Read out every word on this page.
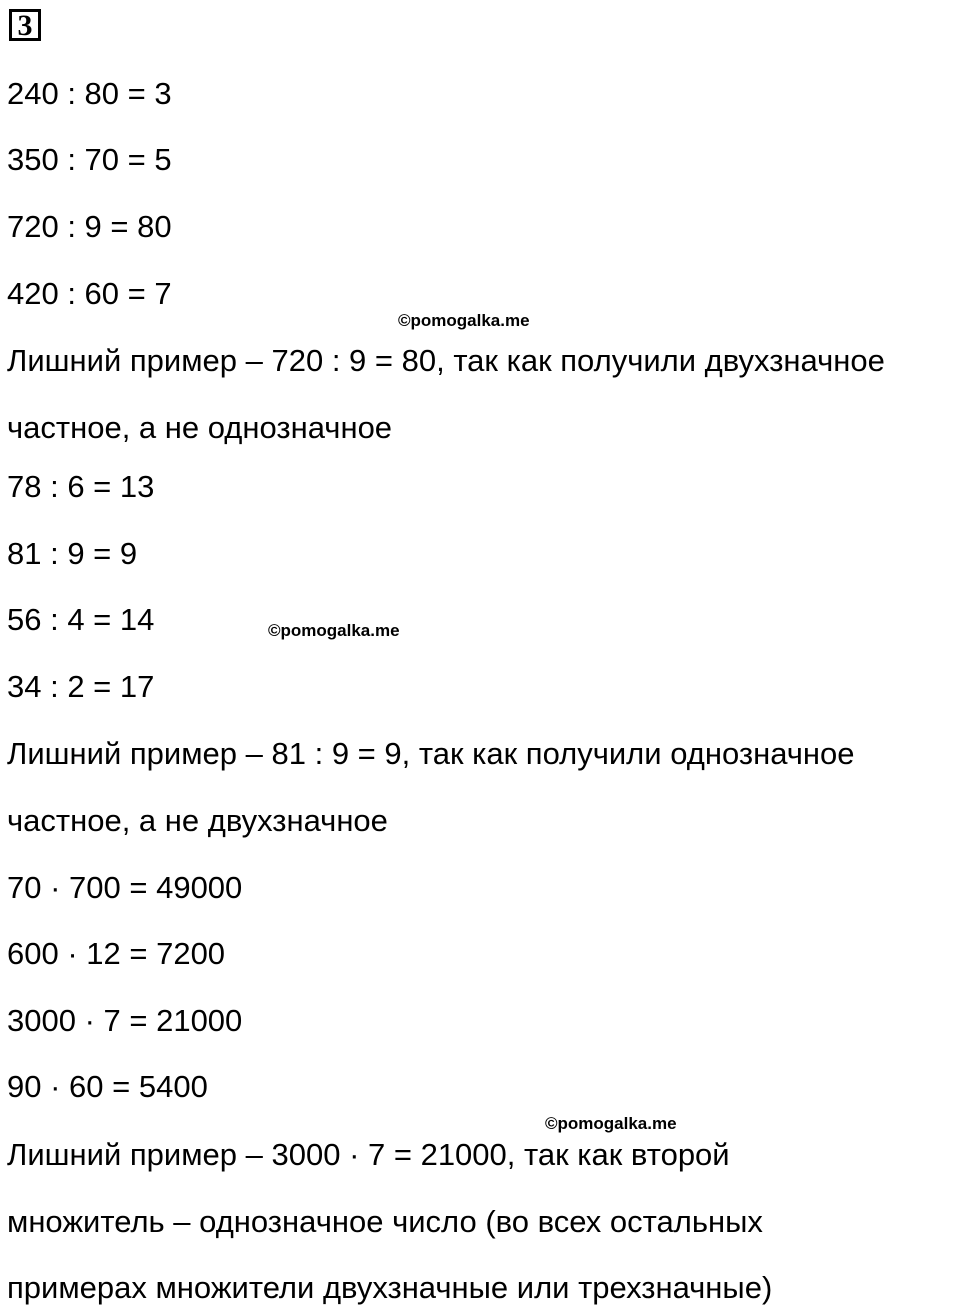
3
240 : 80 = 3
350 : 70 = 5
720 : 9 = 80
420 : 60 = 7
©pomogalka.me
Лишний пример – 720 : 9 = 80, так как получили двухзначное
частное, а не однозначное
78 : 6 = 13
81 : 9 = 9
56 : 4 = 14	©pomogalka.me
34 : 2 = 17
Лишний пример – 81 : 9 = 9, так как получили однозначное
частное, а не двухзначное
70 · 700 = 49000
600 · 12 = 7200
3000 · 7 = 21000
90 · 60 = 5400
©pomogalka.me
Лишний пример – 3000 · 7 = 21000, так как второй
множитель – однозначное число (во всех остальных
примерах множители двухзначные или трехзначные)
